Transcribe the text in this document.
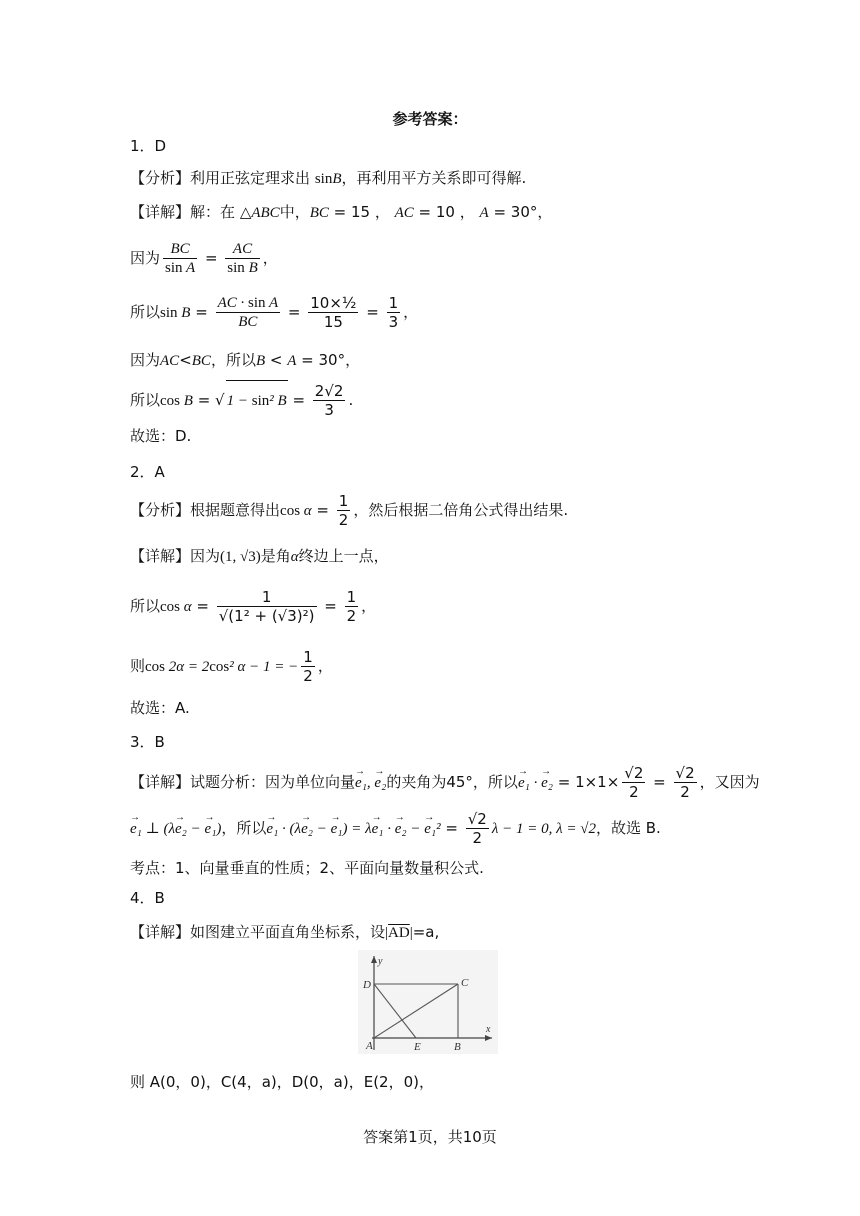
参考答案：
1．D
【分析】利用正弦定理求出 sinB，再利用平方关系即可得解.
【详解】解：在 △ABC中，BC = 15 ， AC = 10 ， A = 30°，
因为 $\frac{BC}{\text{sin A}} = \frac{AC}{\text{sin B}}$ ，
所以$\sin B = \frac{\text{AC · sin A}}{BC} = \frac{\text{10×½}}{15} = \frac{1}{3}$ ，
因为AC<BC，所以B < A = 30°，
所以cos B = √ 1 − sin² $B = \frac{2√2}{3}$ .
故选：D.
2．A
【分析】根据题意得出$\cos \alpha = \frac{1}{2}$ ，然后根据二倍角公式得出结果.
【详解】因为(1, √3)是角α终边上一点，
所以$\cos \alpha = \frac{1}{\text{√(1² + (√3)²)}} = \frac{1}{2}$ ，
则cos 2α = 2cos² α − 1 = − $\frac{1}{2}$ ，
故选：A.
3．B
【详解】试题分析：因为单位向量→ e₁, → e₂的夹角为45°，所以→ e₁ · → $e_2 = 1\times 1\times \frac{√2}{2} = \frac{√2}{2}$ ，又因为
→ e₁ ⊥ (λ→ e₂ − → e₁)，所以→ e₁ · (λ→ e₂ − → e₁) = λ→ e₁ · → e₂ − → $e_1^2 = \frac{√2}{2}$ λ − 1 = 0, λ = √2，故选 B.
考点：1、向量垂直的性质；2、平面向量数量积公式.
4．B
【详解】如图建立平面直角坐标系，设$|\overline{AD}|=a$,
y
x
D	C
A	E	B
则 A(0，0)，C(4，a)，D(0，a)，E(2，0)，
答案第1页，共10页
